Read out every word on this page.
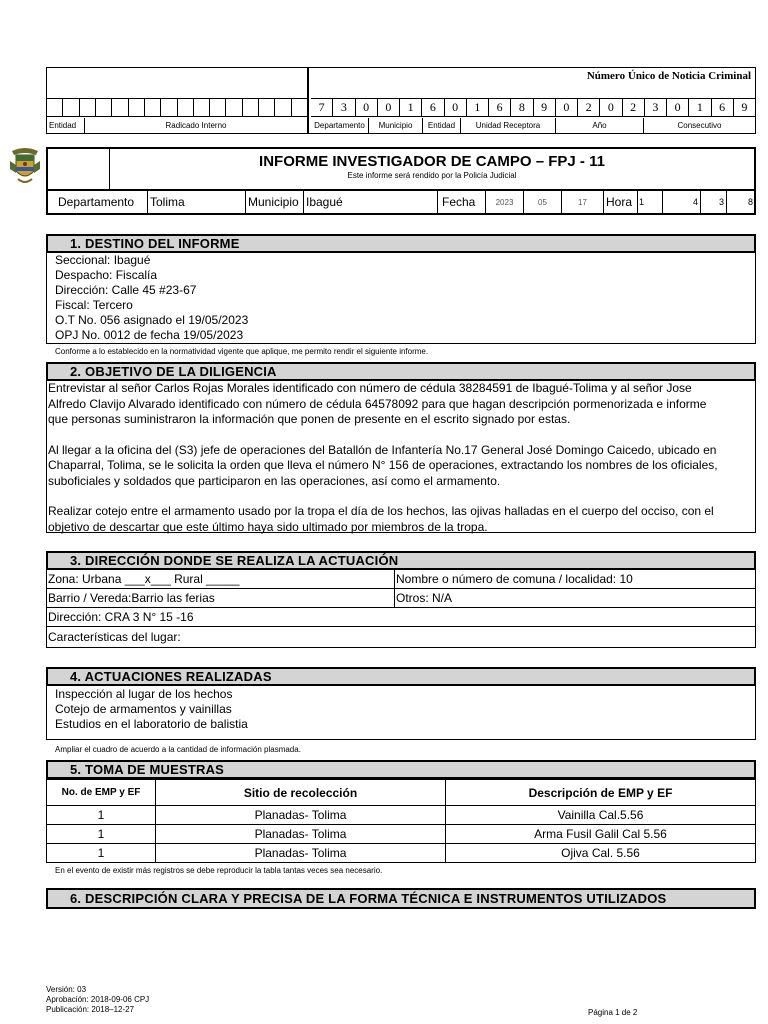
Entidad	Radicado Interno
Número Único de Noticia Criminal
7	3	0	0	1	6	0	1	6	8	9	0	2	0	2	3	0	1	6	9
Departamento	Municipio	Entidad	Unidad Receptora	Año	Consecutivo
INFORME INVESTIGADOR DE CAMPO – FPJ - 11
Este informe será rendido por la Policía Judicial
Departamento	Tolima	Municipio Ibagué	Fecha	2023	05	17	Hora 1	4	3	8
1. DESTINO DEL INFORME
Seccional: Ibagué
Despacho: Fiscalía
Dirección: Calle 45 #23-67
Fiscal: Tercero
O.T No. 056 asignado el 19/05/2023
OPJ No. 0012 de fecha 19/05/2023
Conforme a lo establecido en la normatividad vigente que aplique, me permito rendir el siguiente informe.
2. OBJETIVO DE LA DILIGENCIA
Entrevistar al señor Carlos Rojas Morales identificado con número de cédula 38284591 de Ibagué-Tolima y al señor Jose
Alfredo Clavijo Alvarado identificado con número de cédula 64578092 para que hagan descripción pormenorizada e informe
que personas suministraron la información que ponen de presente en el escrito signado por estas.
Al llegar a la oficina del (S3) jefe de operaciones del Batallón de Infantería No.17 General José Domingo Caicedo, ubicado en
Chaparral, Tolima, se le solicita la orden que lleva el número N° 156 de operaciones, extractando los nombres de los oficiales,
suboficiales y soldados que participaron en las operaciones, así como el armamento.
Realizar cotejo entre el armamento usado por la tropa el día de los hechos, las ojivas halladas en el cuerpo del occiso, con el
objetivo de descartar que este último haya sido ultimado por miembros de la tropa.
3. DIRECCIÓN DONDE SE REALIZA LA ACTUACIÓN
Zona: Urbana ___x___ Rural _____	Nombre o número de comuna / localidad: 10
Barrio / Vereda:Barrio las ferias	Otros: N/A
Dirección: CRA 3 N° 15 -16
Características del lugar:
4. ACTUACIONES REALIZADAS
Inspección al lugar de los hechos
Cotejo de armamentos y vainillas
Estudios en el laboratorio de balistia
Ampliar el cuadro de acuerdo a la cantidad de información plasmada.
5. TOMA DE MUESTRAS
No. de EMP y EF	Sitio de recolección	Descripción de EMP y EF
1	Planadas- Tolima	Vainilla Cal.5.56
1	Planadas- Tolima	Arma Fusil Galil Cal 5.56
1	Planadas- Tolima	Ojiva Cal. 5.56
En el evento de existir más registros se debe reproducir la tabla tantas veces sea necesario.
6. DESCRIPCIÓN CLARA Y PRECISA DE LA FORMA TÉCNICA E INSTRUMENTOS UTILIZADOS
Versión: 03
Aprobación: 2018-09-06 CPJ
Publicación: 2018–12-27	Página 1 de 2
